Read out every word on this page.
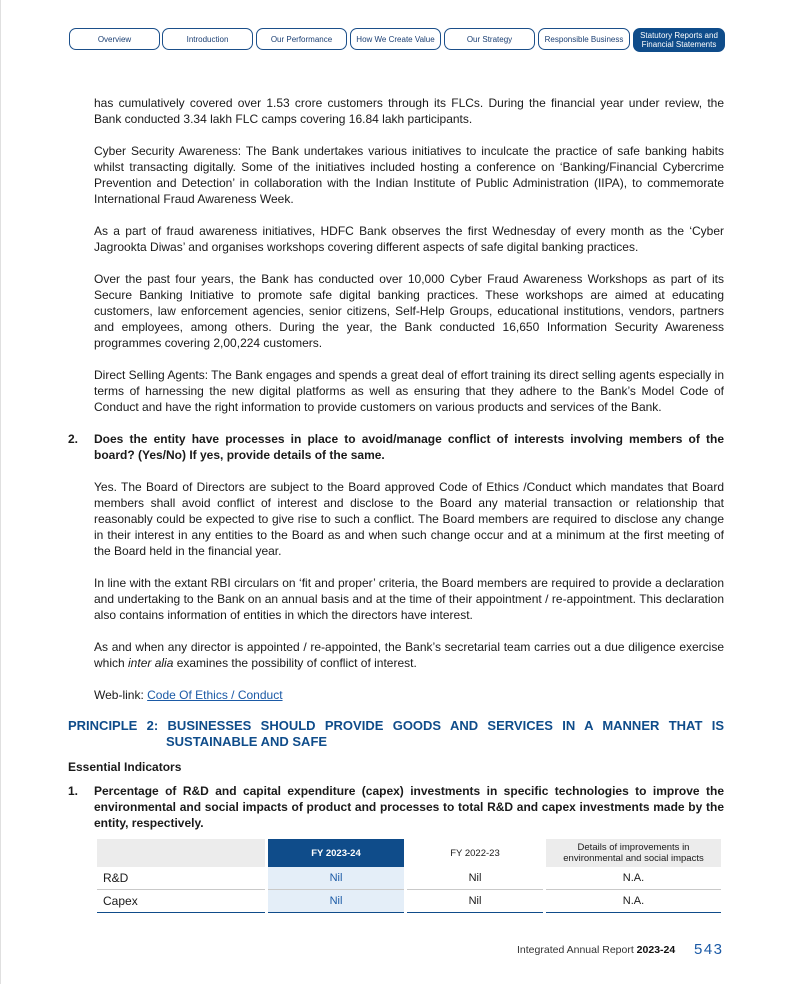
Overview	Introduction	Our Performance	How We Create Value	Our Strategy	Responsible Business	Statutory Reports and
Financial Statements

has cumulatively covered over 1.53 crore customers through its FLCs. During the financial year under review, the Bank conducted 3.34 lakh FLC camps covering 16.84 lakh participants.

Cyber Security Awareness: The Bank undertakes various initiatives to inculcate the practice of safe banking habits whilst transacting digitally. Some of the initiatives included hosting a conference on ‘Banking/Financial Cybercrime Prevention and Detection’ in collaboration with the Indian Institute of Public Administration (IIPA), to commemorate International Fraud Awareness Week.

As a part of fraud awareness initiatives, HDFC Bank observes the first Wednesday of every month as the ‘Cyber Jagrookta Diwas’ and organises workshops covering different aspects of safe digital banking practices.

Over the past four years, the Bank has conducted over 10,000 Cyber Fraud Awareness Workshops as part of its Secure Banking Initiative to promote safe digital banking practices. These workshops are aimed at educating customers, law enforcement agencies, senior citizens, Self-Help Groups, educational institutions, vendors, partners and employees, among others. During the year, the Bank conducted 16,650 Information Security Awareness programmes covering 2,00,224 customers.

Direct Selling Agents: The Bank engages and spends a great deal of effort training its direct selling agents especially in terms of harnessing the new digital platforms as well as ensuring that they adhere to the Bank’s Model Code of Conduct and have the right information to provide customers on various products and services of the Bank.

2. Does the entity have processes in place to avoid/manage conflict of interests involving members of the board? (Yes/No) If yes, provide details of the same.

Yes. The Board of Directors are subject to the Board approved Code of Ethics /Conduct which mandates that Board members shall avoid conflict of interest and disclose to the Board any material transaction or relationship that reasonably could be expected to give rise to such a conflict. The Board members are required to disclose any change in their interest in any entities to the Board as and when such change occur and at a minimum at the first meeting of the Board held in the financial year.

In line with the extant RBI circulars on ‘fit and proper’ criteria, the Board members are required to provide a declaration and undertaking to the Bank on an annual basis and at the time of their appointment / re-appointment. This declaration also contains information of entities in which the directors have interest.

As and when any director is appointed / re-appointed, the Bank’s secretarial team carries out a due diligence exercise which inter alia examines the possibility of conflict of interest.

Web-link: Code Of Ethics / Conduct
PRINCIPLE 2: BUSINESSES SHOULD PROVIDE GOODS AND SERVICES IN A MANNER THAT IS
SUSTAINABLE AND SAFE
Essential Indicators
1. Percentage of R&D and capital expenditure (capex) investments in specific technologies to improve the environmental and social impacts of product and processes to total R&D and capex investments made by the entity, respectively.
	FY 2023-24	FY 2022-23	Details of improvements in environmental and social impacts
R&D	Nil	Nil	N.A.
Capex	Nil	Nil	N.A.
Integrated Annual Report 2023-24 543
